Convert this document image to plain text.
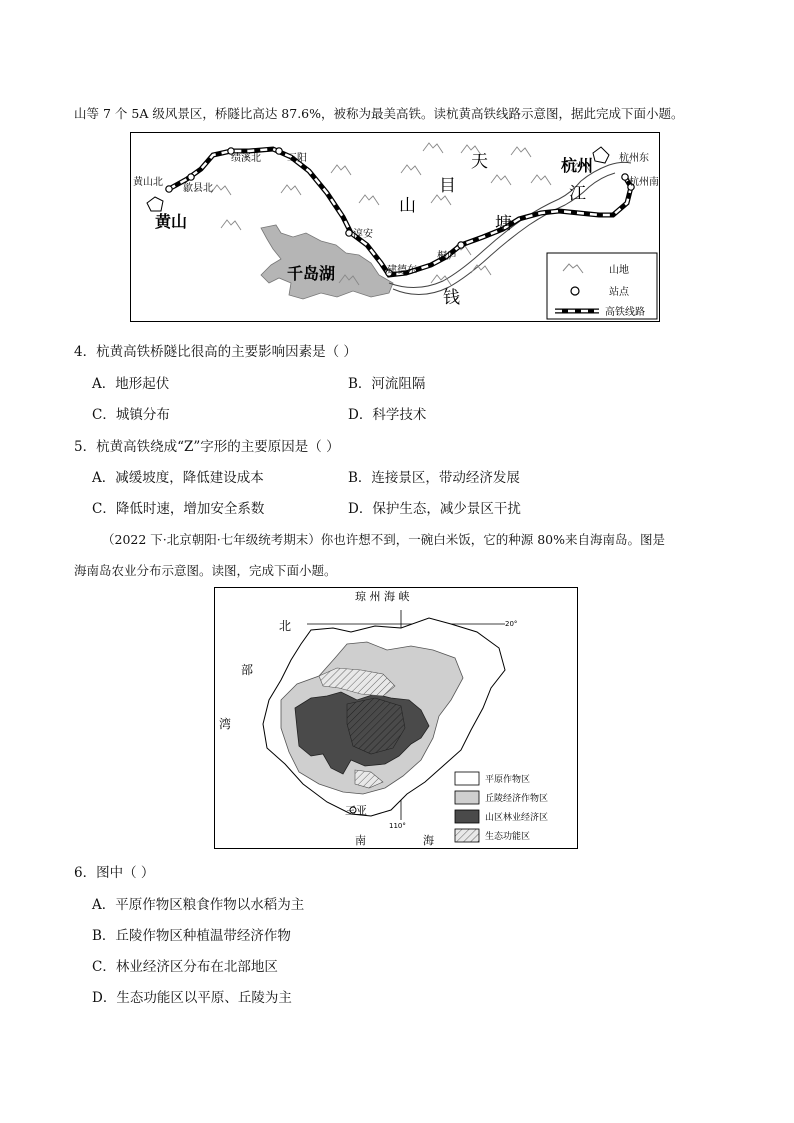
山等 7 个 5A 级风景区，桥隧比高达 87.6%，被称为最美高铁。读杭黄高铁线路示意图，据此完成下面小题。
黄山北
歙县北
绩溪北	三阳
淳安
建德东
桐庐
杭州东
杭州南
黄山
杭州
千岛湖
天
目
山
江
塘
钱
山地
站点
高铁线路
4．杭黄高铁桥隧比很高的主要影响因素是（ ）
A．地形起伏	B．河流阻隔
C．城镇分布	D．科学技术
5．杭黄高铁绕成“Z”字形的主要原因是（ ）
A．减缓坡度，降低建设成本	B．连接景区，带动经济发展
C．降低时速，增加安全系数	D．保护生态，减少景区干扰
（2022 下·北京朝阳·七年级统考期末）你也许想不到，一碗白米饭，它的种源 80%来自海南岛。图是
海南岛农业分布示意图。读图，完成下面小题。
琼 州 海 峡
北
部
湾
20°
110°
三亚
南	海
平原作物区
丘陵经济作物区
山区林业经济区
生态功能区
6．图中（ ）
A．平原作物区粮食作物以水稻为主
B．丘陵作物区种植温带经济作物
C．林业经济区分布在北部地区
D．生态功能区以平原、丘陵为主
